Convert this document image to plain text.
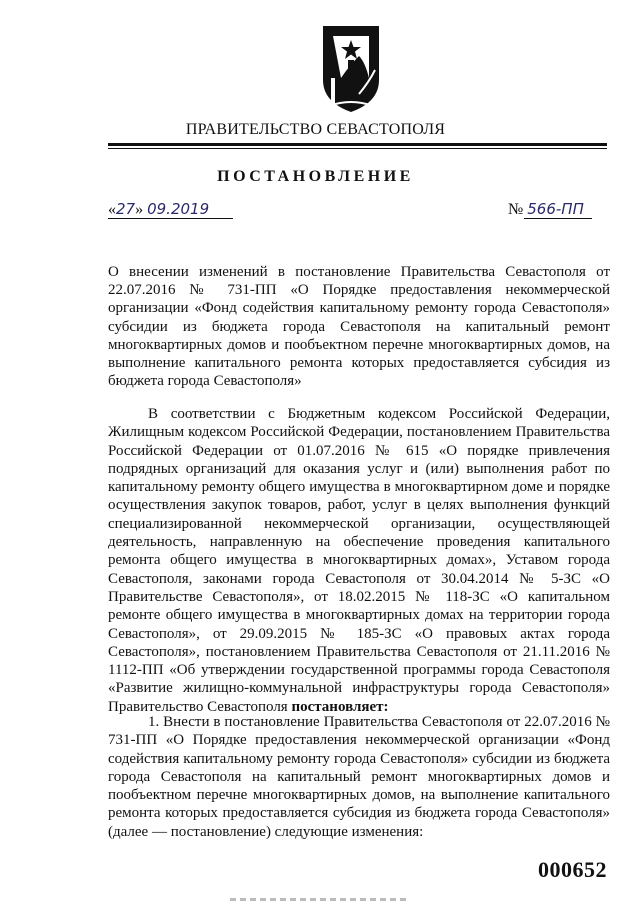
ПРАВИТЕЛЬСТВО СЕВАСТОПОЛЯ
ПОСТАНОВЛЕНИЕ
«27» 09.2019	№ 566-ПП
О внесении изменений в постановление Правительства Севастополя от 22.07.2016 № 731-ПП «О Порядке предоставления некоммерческой организации «Фонд содействия капитальному ремонту города Севастополя» субсидии из бюджета города Севастополя на капитальный ремонт многоквартирных домов и пообъектном перечне многоквартирных домов, на выполнение капитального ремонта которых предоставляется субсидия из бюджета города Севастополя»
В соответствии с Бюджетным кодексом Российской Федерации, Жилищным кодексом Российской Федерации, постановлением Правительства Российской Федерации от 01.07.2016 № 615 «О порядке привлечения подрядных организаций для оказания услуг и (или) выполнения работ по капитальному ремонту общего имущества в многоквартирном доме и порядке осуществления закупок товаров, работ, услуг в целях выполнения функций специализированной некоммерческой организации, осуществляющей деятельность, направленную на обеспечение проведения капитального ремонта общего имущества в многоквартирных домах», Уставом города Севастополя, законами города Севастополя от 30.04.2014 № 5-ЗС «О Правительстве Севастополя», от 18.02.2015 № 118-ЗС «О капитальном ремонте общего имущества в многоквартирных домах на территории города Севастополя», от 29.09.2015 № 185-ЗС «О правовых актах города Севастополя», постановлением Правительства Севастополя от 21.11.2016 № 1112-ПП «Об утверждении государственной программы города Севастополя «Развитие жилищно-коммунальной инфраструктуры города Севастополя» Правительство Севастополя постановляет:
1. Внести в постановление Правительства Севастополя от 22.07.2016 № 731-ПП «О Порядке предоставления некоммерческой организации «Фонд содействия капитальному ремонту города Севастополя» субсидии из бюджета города Севастополя на капитальный ремонт многоквартирных домов и пообъектном перечне многоквартирных домов, на выполнение капитального ремонта которых предоставляется субсидия из бюджета города Севастополя» (далее — постановление) следующие изменения:
000652
